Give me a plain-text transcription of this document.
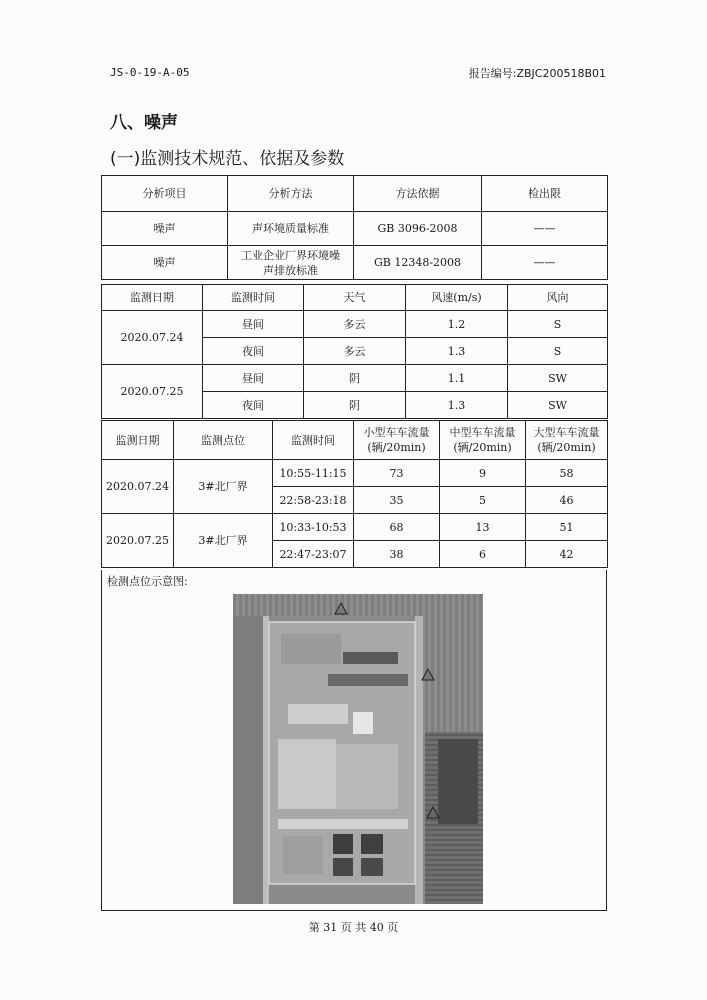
JS-0-19-A-05	报告编号:ZBJC200518B01
八、噪声
(一)监测技术规范、依据及参数
分析项目	分析方法	方法依据	检出限
噪声	声环境质量标准	GB 3096-2008	——
噪声	工业企业厂界环境噪声排放标准	GB 12348-2008	——
监测日期	监测时间	天气	风速(m/s)	风向
2020.07.24	昼间	多云	1.2	S
	夜间	多云	1.3	S
2020.07.25	昼间	阴	1.1	SW
	夜间	阴	1.3	SW
监测日期	监测点位	监测时间	小型车车流量(辆/20min)	中型车车流量(辆/20min)	大型车车流量(辆/20min)
2020.07.24	3#北厂界	10:55-11:15	73	9	58
		22:58-23:18	35	5	46
2020.07.25	3#北厂界	10:33-10:53	68	13	51
		22:47-23:07	38	6	42
检测点位示意图:
第 31 页 共 40 页
